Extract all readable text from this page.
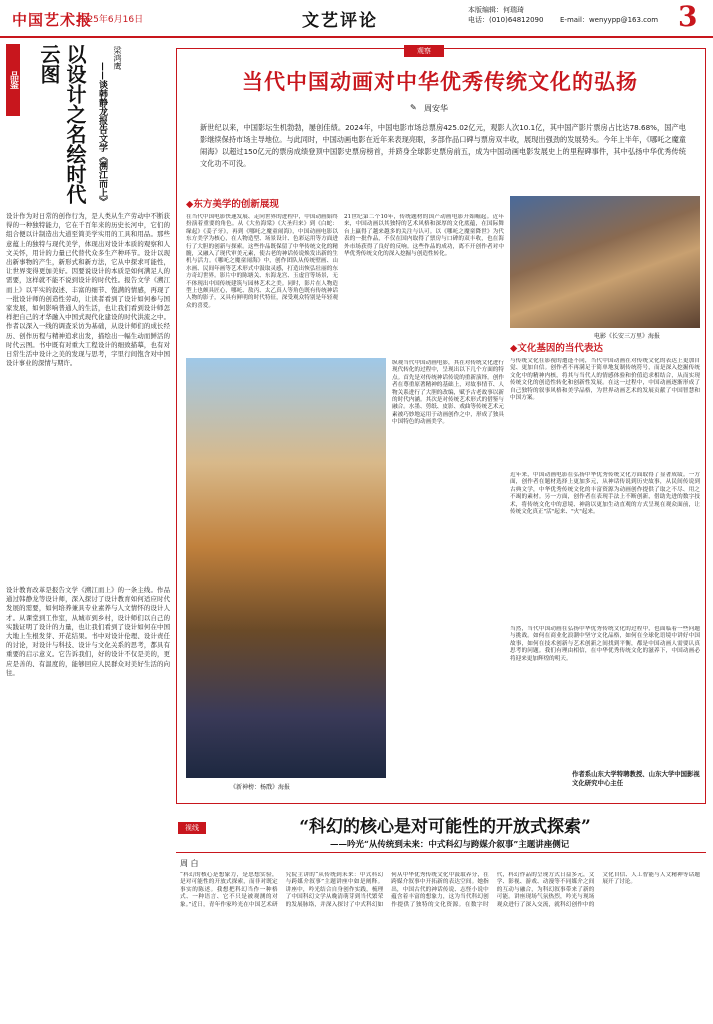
中国艺术报
2025年6月16日	文艺评论
本版编辑：何瑞琦
电话：(010)64812090 E-mail：wenyypp@163.com 3
品鉴
梁鸿鹰
——谈韩静龙报告文学《溯江而上》
以设计之名绘时代云图
设计作为对日常的创作行为，是人类从生产劳动中不断获得的一种独特能力，它在千百年来的历史长河中，它们的组合便以计制造出大道至简美学实用的工具和用品。那些意蕴上的独特与现代美学，体现出对设计本质的观察和人文关怀，用计的力量已代替代众多生产种环节。设计以现出新事物的产生，新形式和新方法，它从中探求可能性，让世界变得更加美好。因要说设计的本质是如何满足人的需要，这样就不能不说到设计的时代性。报告文学《溯江而上》以平实的叙述、丰富的细节、饱满的情感，再现了一批设计师的创造性劳动，让读者看到了设计如何参与国家发展，如何影响普通人的生活，也让我们看到设计师怎样把自己的才华融入中国式现代化建设的时代洪流之中。作者以深入一线的调查采访为基础，从设计师们的成长经历、创作历程与精神追求出发，描绘出一幅生动而鲜活的时代云图。书中既有对重大工程设计的细致描摹，也有对日常生活中设计之美的发现与思考，字里行间饱含对中国设计事业的深情与期许。
设计教育改革是报告文学《溯江而上》的一条主线。作品通过韩静龙等设计师，深入探讨了设计教育如何适应时代发展的需要，如何培养兼具专业素养与人文情怀的设计人才。从课堂到工作室，从城市到乡村，设计师们以自己的实践证明了设计的力量，也让我们看到了设计如何在中国大地上生根发芽、开花结果。书中对设计伦理、设计责任的讨论，对设计与科技、设计与文化关系的思考，都具有重要的启示意义。它告诉我们，好的设计不仅是美的，更应是善的、有温度的，能够回应人民群众对美好生活的向往。
观察
当代中国动画对中华优秀传统文化的弘扬
✎ 周安华
新世纪以来，中国影坛生机勃勃，屡创佳绩。2024年，中国电影市场总票房425.02亿元，观影人次10.1亿，其中国产影片票房占比达78.68%，国产电影继续保持市场主导地位。与此同时，中国动画电影在近年来表现亮眼，多部作品口碑与票房双丰收，展现出强劲的发展势头。今年上半年，《哪吒之魔童闹海》以超过150亿元的票房成绩登顶中国影史票房榜首，并跻身全球影史票房前五，成为中国动画电影发展史上的里程碑事件，其中弘扬中华优秀传统文化功不可没。
◆东方美学的创新展现
在当代中国电影快速发展、走向世界的进程中，中国动画始终扮演着重要的角色。从《大鱼海棠》《大圣归来》到《白蛇：缘起》《姜子牙》，再到《哪吒之魔童闹海》，中国动画电影以东方美学为核心，在人物造型、场景设计、色彩运用等方面进行了大胆的创新与探索。这些作品既保留了中华传统文化的精髓，又融入了现代审美元素，使古老的神话传说焕发出新的生机与活力。《哪吒之魔童闹海》中，创作团队从传统壁画、山水画、民间年画等艺术形式中汲取灵感，打造出恢弘壮丽的东方奇幻世界。影片中的陈塘关、东海龙宫、玉虚宫等场景，无不体现出中国传统建筑与园林艺术之美。同时，影片在人物造型上也颇具匠心，哪吒、敖丙、太乙真人等角色既有传统神话人物的影子，又具有鲜明的时代特征，深受观众特别是年轻观众的喜爱。
21世纪第二个10年，传统题材的国产动画电影开始崛起。近年来，中国动画以其独特的艺术风格和深厚的文化底蕴，在国际舞台上赢得了越来越多的关注与认可。以《哪吒之魔童降世》为代表的一批作品，不仅在国内取得了票房与口碑的双丰收，也在海外市场获得了良好的反响。这些作品的成功，离不开创作者对中华优秀传统文化的深入挖掘与创造性转化。
《新神榜：杨戬》海报
纵观当代中国动画电影，其在对传统文化进行现代转化的过程中，呈现出以下几个方面的特点。首先是对传统神话传说的重新演绎。创作者在尊重原著精神的基础上，对故事情节、人物关系进行了大胆的改编，赋予古老故事以新的时代内涵。其次是对传统艺术形式的借鉴与融合。水墨、剪纸、皮影、戏曲等传统艺术元素被巧妙地运用于动画创作之中，形成了独具中国特色的动画美学。
电影《长安三万里》海报
◆文化基因的当代表达
与传统文化在影视的遭逢不同，当代中国动画在对传统文化的表达上更加自觉、更加自信。创作者不再满足于简单地复制传统符号，而是深入挖掘传统文化中的精神内核，将其与当代人的情感体验和价值追求相结合，从而实现传统文化的创造性转化和创新性发展。在这一过程中，中国动画逐渐形成了自己独特的叙事风格和美学品格，为世界动画艺术的发展贡献了中国智慧和中国方案。
近年来，中国动画电影在弘扬中华优秀传统文化方面取得了显著成绩。一方面，创作者在题材选择上更加多元，从神话传说到历史故事，从民间传说到古典文学，中华优秀传统文化的丰富资源为动画创作提供了取之不尽、用之不竭的素材。另一方面，创作者在表现手法上不断创新，借助先进的数字技术，将传统文化中的意境、神韵以更加生动直观的方式呈现在观众面前，让传统文化真正"活"起来、"火"起来。
当然，当代中国动画在弘扬中华优秀传统文化的过程中，也面临着一些问题与挑战。如何在商业化浪潮中坚守文化品格，如何在全球化语境中讲好中国故事，如何在技术创新与艺术创新之间找到平衡，都是中国动画人需要认真思考的问题。我们有理由相信，在中华优秀传统文化的滋养下，中国动画必将迎来更加辉煌的明天。
作者系山东大学特聘教授、山东大学中国影视文化研究中心主任
视线	“科幻的核心是对可能性的开放式探索”
——吟光“从传统到未来：中式科幻与跨媒介叙事”主题讲座侧记
周 白
“科幻的核心是想象力，是思想实验，是对可能性的开放式探索，而非对既定事实的陈述。我想把科幻当作一种格式、一种语言、它不只是被观测的对象。”近日，青年作家吟光在中国艺术研究院主讲的“从传统到未来：中式科幻与跨媒介叙事”主题讲座中如是阐释。讲座中，吟光结合自身创作实践，梳理了中国科幻文学从晚清萌芽到当代繁荣的发展脉络，并深入探讨了中式科幻如何从中华优秀传统文化中汲取养分，在跨媒介叙事中开拓新的表达空间。她指出，中国古代的神话传说、志怪小说中蕴含着丰富的想象力，这为当代科幻创作提供了独特的文化资源。在数字时代，科幻作品的呈现方式日益多元，文学、影视、游戏、动漫等不同媒介之间的互动与融合，为科幻叙事带来了新的可能。讲座现场气氛热烈，吟光与现场观众进行了深入交流，就科幻创作中的文化自信、人工智能与人文精神等话题展开了讨论。
